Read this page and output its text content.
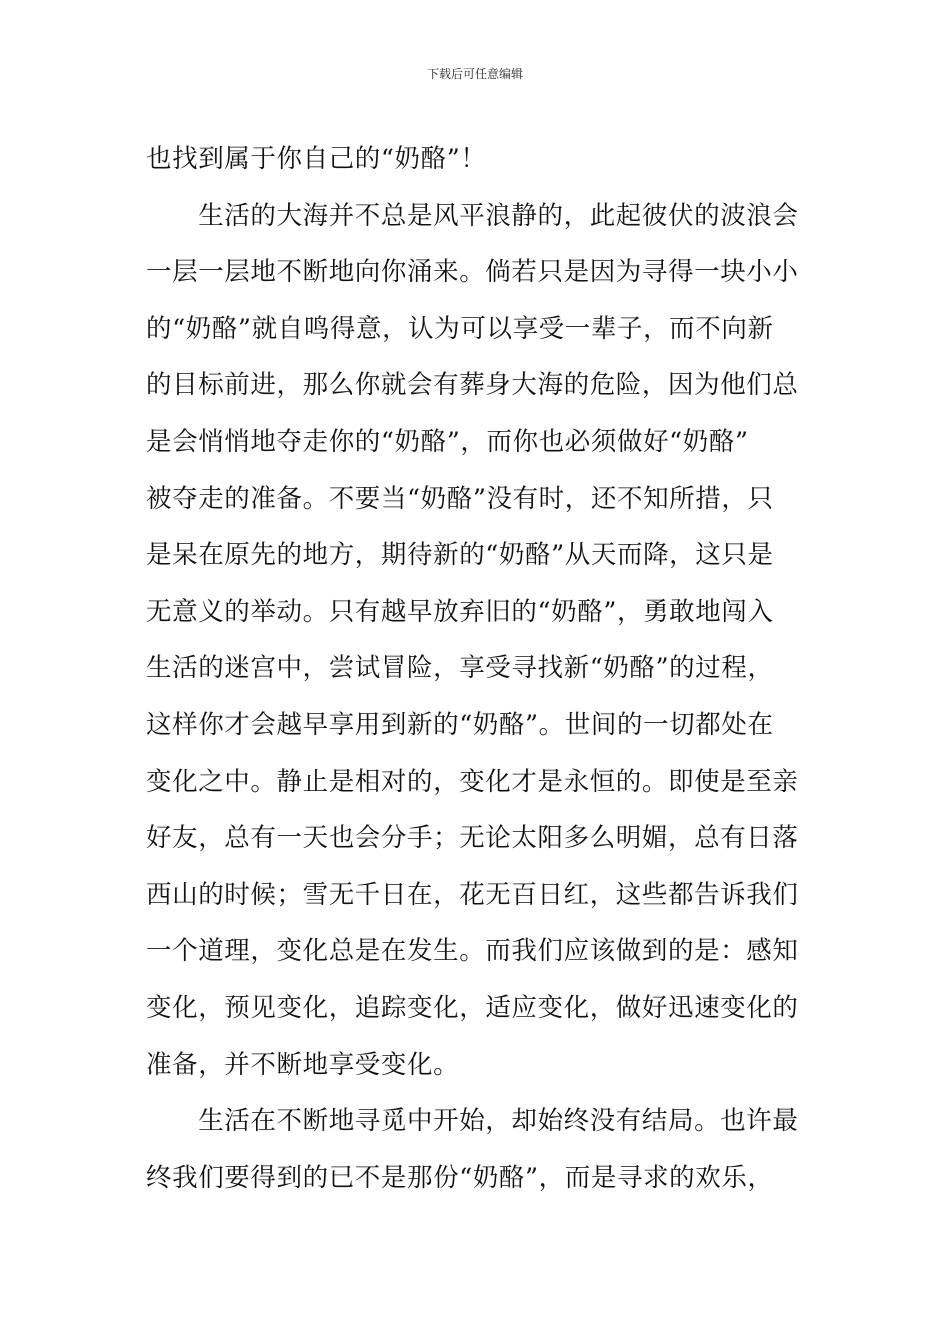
下载后可任意编辑
也找到属于你自己的“奶酪”！
　　生活的大海并不总是风平浪静的，此起彼伏的波浪会
一层一层地不断地向你涌来。倘若只是因为寻得一块小小
的“奶酪”就自鸣得意，认为可以享受一辈子，而不向新
的目标前进，那么你就会有葬身大海的危险，因为他们总
是会悄悄地夺走你的“奶酪”，而你也必须做好“奶酪”
被夺走的准备。不要当“奶酪”没有时，还不知所措，只
是呆在原先的地方，期待新的“奶酪”从天而降，这只是
无意义的举动。只有越早放弃旧的“奶酪”，勇敢地闯入
生活的迷宫中，尝试冒险，享受寻找新“奶酪”的过程，
这样你才会越早享用到新的“奶酪”。世间的一切都处在
变化之中。静止是相对的，变化才是永恒的。即使是至亲
好友，总有一天也会分手；无论太阳多么明媚，总有日落
西山的时候；雪无千日在，花无百日红，这些都告诉我们
一个道理，变化总是在发生。而我们应该做到的是：感知
变化，预见变化，追踪变化，适应变化，做好迅速变化的
准备，并不断地享受变化。
　　生活在不断地寻觅中开始，却始终没有结局。也许最
终我们要得到的已不是那份“奶酪”，而是寻求的欢乐，
